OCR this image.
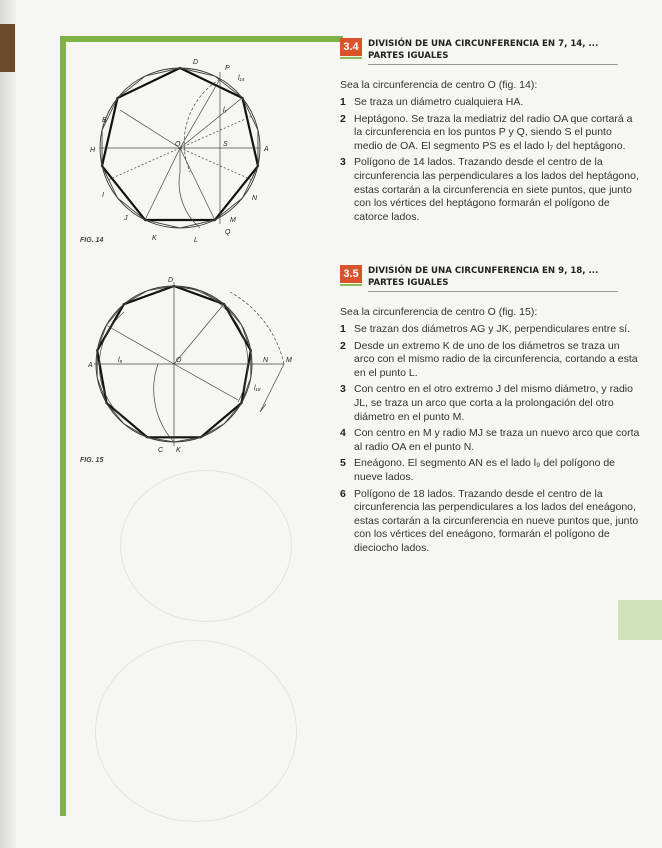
D
O	S
A
P
Q
K	L
M
N
B
H
I
J
l₇
l₁₄
FIG. 14
A
O	M
N
C K
D
l₉
l₁₈
FIG. 15
3.4	DIVISIÓN DE UNA CIRCUNFERENCIA EN 7, 14, ... PARTES IGUALES

Sea la circunferencia de centro O (fig. 14):

1 Se traza un diámetro cualquiera HA.
2 Heptágono. Se traza la mediatriz del radio OA que cortará a la circunferencia en los puntos P y Q, siendo S el punto medio de OA. El segmento PS es el lado l₇ del heptágono.
3 Polígono de 14 lados. Trazando desde el centro de la circunferencia las perpendiculares a los lados del heptágono, estas cortarán a la circunferencia en siete puntos, que junto con los vértices del heptágono formarán el polígono de catorce lados.
3.5	DIVISIÓN DE UNA CIRCUNFERENCIA EN 9, 18, ... PARTES IGUALES

Sea la circunferencia de centro O (fig. 15):

1 Se trazan dos diámetros AG y JK, perpendiculares entre sí.
2 Desde un extremo K de uno de los diámetros se traza un arco con el mismo radio de la circunferencia, cortando a esta en el punto L.
3 Con centro en el otro extremo J del mismo diámetro, y radio JL, se traza un arco que corta a la prolongación del otro diámetro en el punto M.
4 Con centro en M y radio MJ se traza un nuevo arco que corta al radio OA en el punto N.
5 Eneágono. El segmento AN es el lado l₉ del polígono de nueve lados.
6 Polígono de 18 lados. Trazando desde el centro de la circunferencia las perpendiculares a los lados del eneágono, estas cortarán a la circunferencia en nueve puntos que, junto con los vértices del eneágono, formarán el polígono de dieciocho lados.
